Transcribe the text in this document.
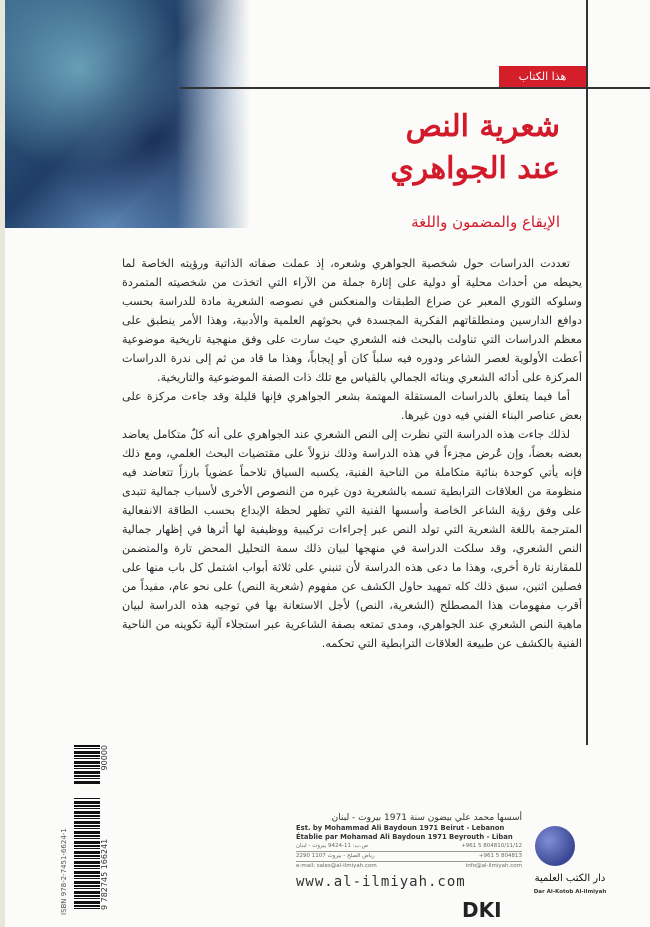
هذا الكتاب
شعرية النص
عند الجواهري
الإيقاع والمضمون واللغة

تعددت الدراسات حول شخصية الجواهري وشعره، إذ عملت صفاته الذاتية ورؤيته الخاصة لما يحيطه من أحداث محلية أو دولية على إثارة جملة من الآراء التي اتخذت من شخصيته المتمردة وسلوكه الثوري المعبر عن صراع الطبقات والمنعكس في نصوصه الشعرية مادة للدراسة بحسب دوافع الدارسين ومنطلقاتهم الفكرية المجسدة في بحوثهم العلمية والأدبية، وهذا الأمر ينطبق على معظم الدراسات التي تناولت بالبحث فنه الشعري حيث سارت على وفق منهجية تاريخية موضوعية أعطت الأولوية لعصر الشاعر ودوره فيه سلباً كان أو إيجاباً، وهذا ما قاد من ثم إلى ندرة الدراسات المركزة على أدائه الشعري وبنائه الجمالي بالقياس مع تلك ذات الصفة الموضوعية والتاريخية.

أما فيما يتعلق بالدراسات المستقلة المهتمة بشعر الجواهري فإنها قليلة وقد جاءت مركزة على بعض عناصر البناء الفني فيه دون غيرها.

لذلك جاءت هذه الدراسة التي نظرت إلى النص الشعري عند الجواهري على أنه كلٌ متكامل يعاضد بعضه بعضاً، وإن عُرض مجزءاً في هذه الدراسة وذلك نزولاً على مقتضيات البحث العلمي، ومع ذلك فإنه يأتي كوحدة بنائية متكاملة من الناحية الفنية، يكسبه السياق تلاحماً عضوياً بارزاً تتعاضد فيه منظومة من العلاقات الترابطية تسمه بالشعرية دون غيره من النصوص الأخرى لأسباب جمالية تتبدى على وفق رؤية الشاعر الخاصة وأسسها الفنية التي تظهر لحظة الإبداع بحسب الطاقة الانفعالية المترجمة باللغة الشعرية التي تولد النص عبر إجراءات تركيبية ووظيفية لها أثرها في إظهار جمالية النص الشعري، وقد سلكت الدراسة في منهجها لبيان ذلك سمة التحليل المحض تارة والمتضمن للمقارنة تارة أخرى، وهذا ما دعى هذه الدراسة لأن تنبني على ثلاثة أبواب اشتمل كل باب منها على فصلين اثنين، سبق ذلك كله تمهيد حاول الكشف عن مفهوم (شعرية النص) على نحو عام، مفيداً من أقرب مفهومات هذا المصطلح (الشعرية، النص) لأجل الاستعانة بها في توجيه هذه الدراسة لبيان ماهية النص الشعري عند الجواهري، ومدى تمتعه بصفة الشاعرية عبر استجلاء آلية تكوينه من الناحية الفنية بالكشف عن طبيعة العلاقات الترابطية التي تحكمه.

90000
ISBN 978-2-7451-6624-1	9 782745 166241
أسسها محمد علي بيضون سنة 1971 بيروت - لبنان
Est. by Mohammad Ali Baydoun 1971 Beirut - Lebanon
Établie par Mohamad Ali Baydoun 1971 Beyrouth - Liban
ص.ب: 11-9424 بيروت - لبنان	+961 5 804810/11/12
رياض الصلح - بيروت 1107 2290	+961 5 804813
e-mail: sales@al-ilmiyah.com	info@al-ilmiyah.com
www.al-ilmiyah.com
DKI
دار الكتب العلمية
Dar Al-Kotob Al-ilmiyah
